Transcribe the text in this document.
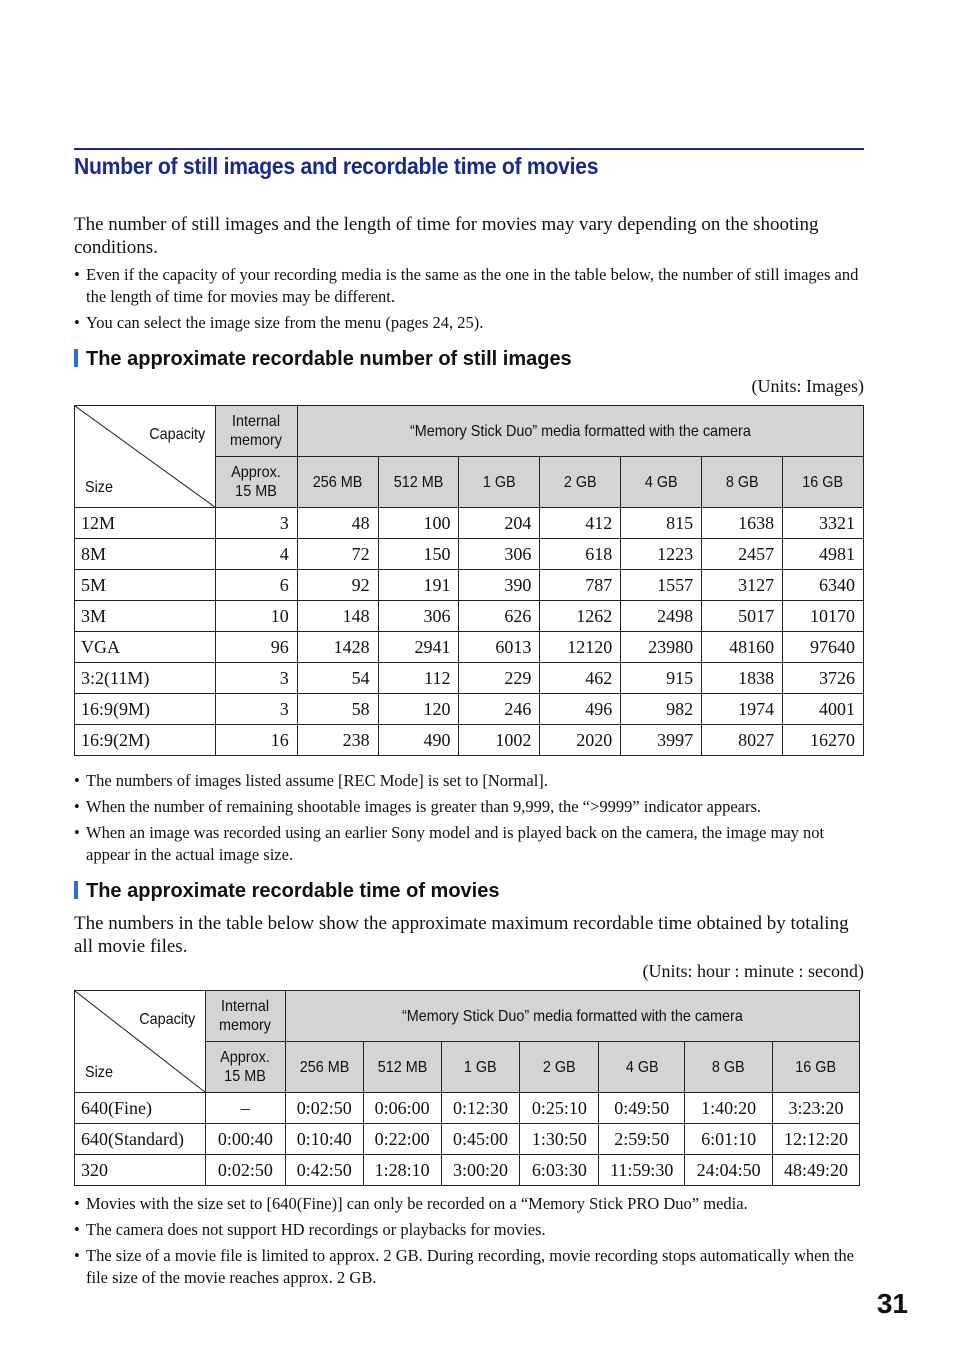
Number of still images and recordable time of movies

The number of still images and the length of time for movies may vary depending on the shooting conditions.

• Even if the capacity of your recording media is the same as the one in the table below, the number of still images and the length of time for movies may be different.
• You can select the image size from the menu (pages 24, 25).
The approximate recordable number of still images
(Units: Images)
Capacity
Size	Internal memory	“Memory Stick Duo” media formatted with the camera						
	Approx. 15 MB	256 MB	512 MB	1 GB	2 GB	4 GB	8 GB	16 GB
12M	3	48	100	204	412	815	1638	3321
8M	4	72	150	306	618	1223	2457	4981
5M	6	92	191	390	787	1557	3127	6340
3M	10	148	306	626	1262	2498	5017	10170
VGA	96	1428	2941	6013	12120	23980	48160	97640
3:2(11M)	3	54	112	229	462	915	1838	3726
16:9(9M)	3	58	120	246	496	982	1974	4001
16:9(2M)	16	238	490	1002	2020	3997	8027	16270
• The numbers of images listed assume [REC Mode] is set to [Normal].
• When the number of remaining shootable images is greater than 9,999, the “>9999” indicator appears.
• When an image was recorded using an earlier Sony model and is played back on the camera, the image may not appear in the actual image size.
The approximate recordable time of movies

The numbers in the table below show the approximate maximum recordable time obtained by totaling all movie files.

(Units: hour : minute : second)
Capacity
Size	Internal memory	“Memory Stick Duo” media formatted with the camera						
	Approx. 15 MB	256 MB	512 MB	1 GB	2 GB	4 GB	8 GB	16 GB
640(Fine)	–	0:02:50	0:06:00	0:12:30	0:25:10	0:49:50	1:40:20	3:23:20
640(Standard)	0:00:40	0:10:40	0:22:00	0:45:00	1:30:50	2:59:50	6:01:10	12:12:20
320	0:02:50	0:42:50	1:28:10	3:00:20	6:03:30	11:59:30	24:04:50	48:49:20
• Movies with the size set to [640(Fine)] can only be recorded on a “Memory Stick PRO Duo” media.
• The camera does not support HD recordings or playbacks for movies.
• The size of a movie file is limited to approx. 2 GB. During recording, movie recording stops automatically when the file size of the movie reaches approx. 2 GB.
31
